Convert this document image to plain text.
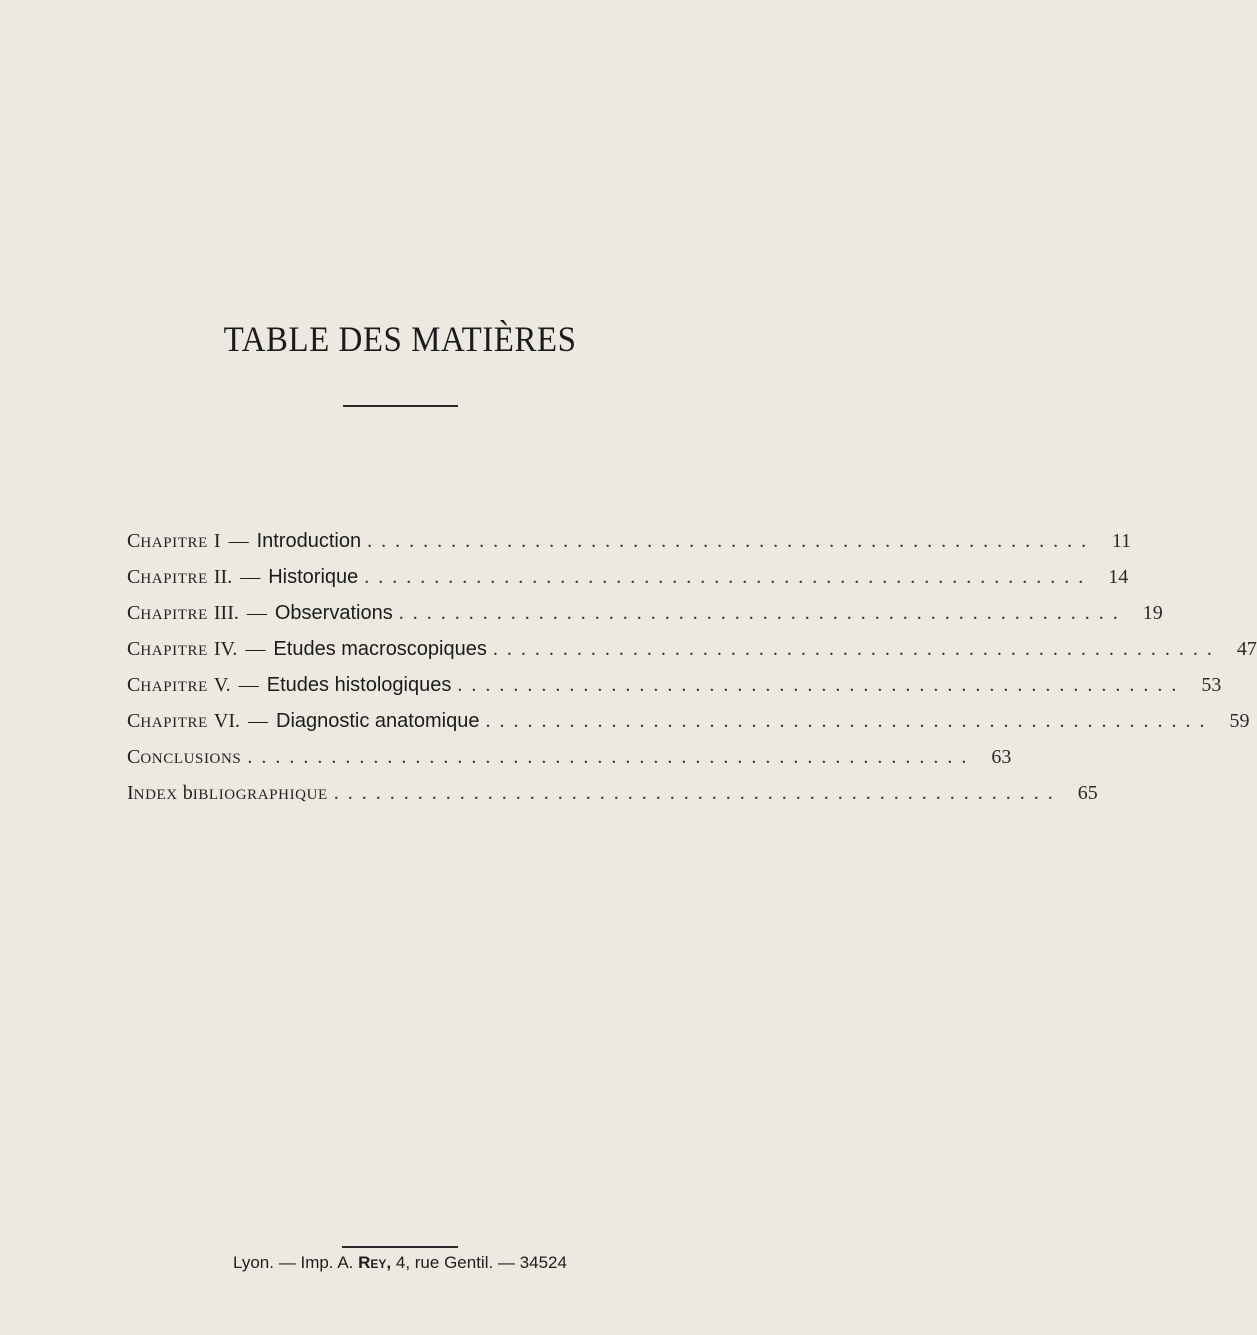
TABLE DES MATIÈRES
CHAPITRE I — Introduction .................................................... 11
CHAPITRE II. — Historique .................................................... 14
CHAPITRE III. — Observations .................................................... 19
CHAPITRE IV. — Etudes macroscopiques .................................................... 47
CHAPITRE V. — Etudes histologiques .................................................... 53
CHAPITRE VI. — Diagnostic anatomique .................................................... 59
CONCLUSIONS .................................................... 63
INDEX bIBLIOGRAPHIQUE .................................................... 65
Lyon. — Imp. A. Rey, 4, rue Gentil. — 34524
